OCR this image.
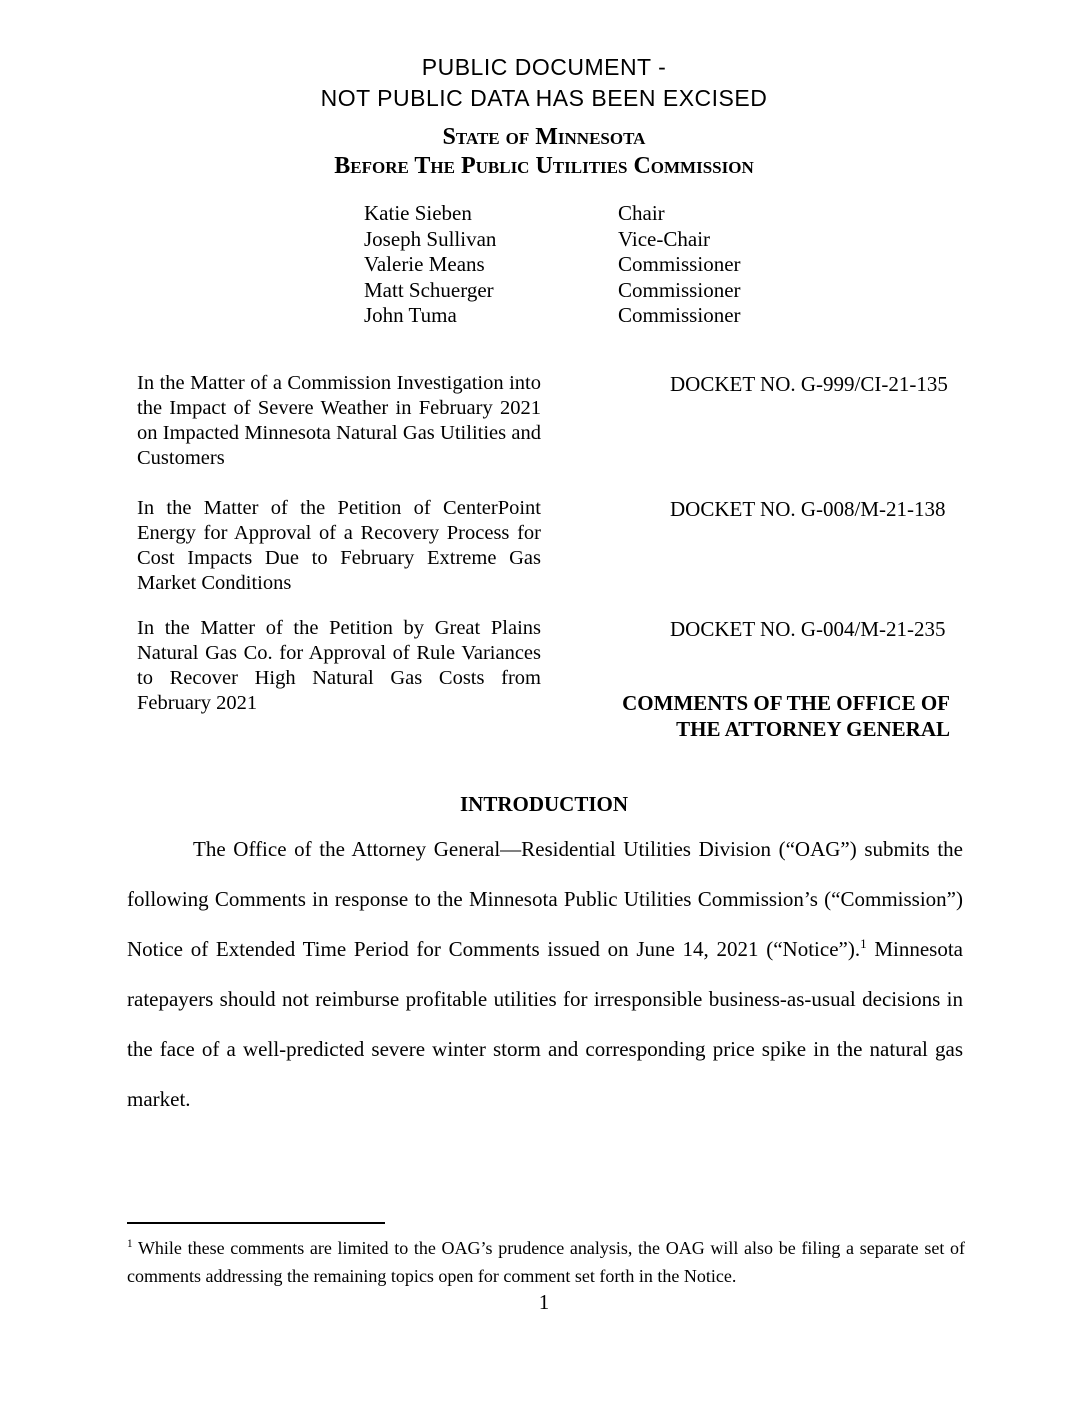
PUBLIC DOCUMENT -
NOT PUBLIC DATA HAS BEEN EXCISED
State of Minnesota
Before The Public Utilities Commission
Katie Sieben	Chair
Joseph Sullivan	Vice-Chair
Valerie Means	Commissioner
Matt Schuerger	Commissioner
John Tuma	Commissioner
In the Matter of a Commission Investigation into the Impact of Severe Weather in February 2021 on Impacted Minnesota Natural Gas Utilities and Customers
DOCKET NO. G-999/CI-21-135
In the Matter of the Petition of CenterPoint Energy for Approval of a Recovery Process for Cost Impacts Due to February Extreme Gas Market Conditions
DOCKET NO. G-008/M-21-138
In the Matter of the Petition by Great Plains Natural Gas Co. for Approval of Rule Variances to Recover High Natural Gas Costs from February 2021
DOCKET NO. G-004/M-21-235
COMMENTS OF THE OFFICE OF
THE ATTORNEY GENERAL
INTRODUCTION

The Office of the Attorney General—Residential Utilities Division (“OAG”) submits the following Comments in response to the Minnesota Public Utilities Commission’s (“Commission”) Notice of Extended Time Period for Comments issued on June 14, 2021 (“Notice”).$^1$ Minnesota ratepayers should not reimburse profitable utilities for irresponsible business-as-usual decisions in the face of a well-predicted severe winter storm and corresponding price spike in the natural gas market.

$^1$ While these comments are limited to the OAG’s prudence analysis, the OAG will also be filing a separate set of comments addressing the remaining topics open for comment set forth in the Notice.
1
